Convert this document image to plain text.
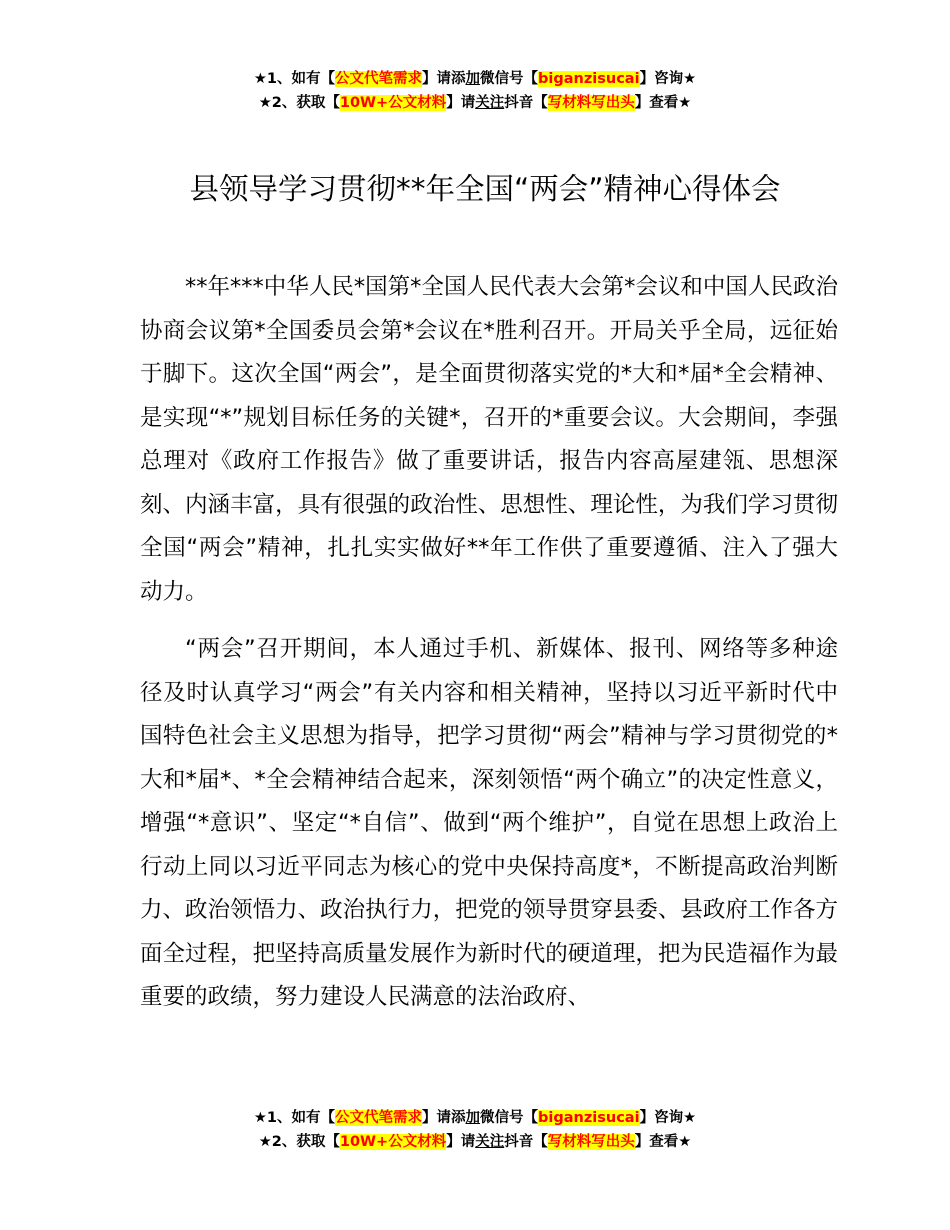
★1、如有【公文代笔需求】请添加微信号【biganzisucai】咨询★
★2、获取【10W+公文材料】请关注抖音【写材料写出头】查看★
县领导学习贯彻**年全国“两会”精神心得体会

**年***中华人民*国第*全国人民代表大会第*会议和中国人民政治协商会议第*全国委员会第*会议在*胜利召开。开局关乎全局，远征始于脚下。这次全国“两会”，是全面贯彻落实党的*大和*届*全会精神、是实现“*”规划目标任务的关键*，召开的*重要会议。大会期间，李强总理对《政府工作报告》做了重要讲话，报告内容高屋建瓴、思想深刻、内涵丰富，具有很强的政治性、思想性、理论性，为我们学习贯彻全国“两会”精神，扎扎实实做好**年工作供了重要遵循、注入了强大动力。

“两会”召开期间，本人通过手机、新媒体、报刊、网络等多种途径及时认真学习“两会”有关内容和相关精神，坚持以习近平新时代中国特色社会主义思想为指导，把学习贯彻“两会”精神与学习贯彻党的*大和*届*、*全会精神结合起来，深刻领悟“两个确立”的决定性意义，增强“*意识”、坚定“*自信”、做到“两个维护”，自觉在思想上政治上行动上同以习近平同志为核心的党中央保持高度*，不断提高政治判断力、政治领悟力、政治执行力，把党的领导贯穿县委、县政府工作各方面全过程，把坚持高质量发展作为新时代的硬道理，把为民造福作为最重要的政绩，努力建设人民满意的法治政府、

★1、如有【公文代笔需求】请添加微信号【biganzisucai】咨询★
★2、获取【10W+公文材料】请关注抖音【写材料写出头】查看★
